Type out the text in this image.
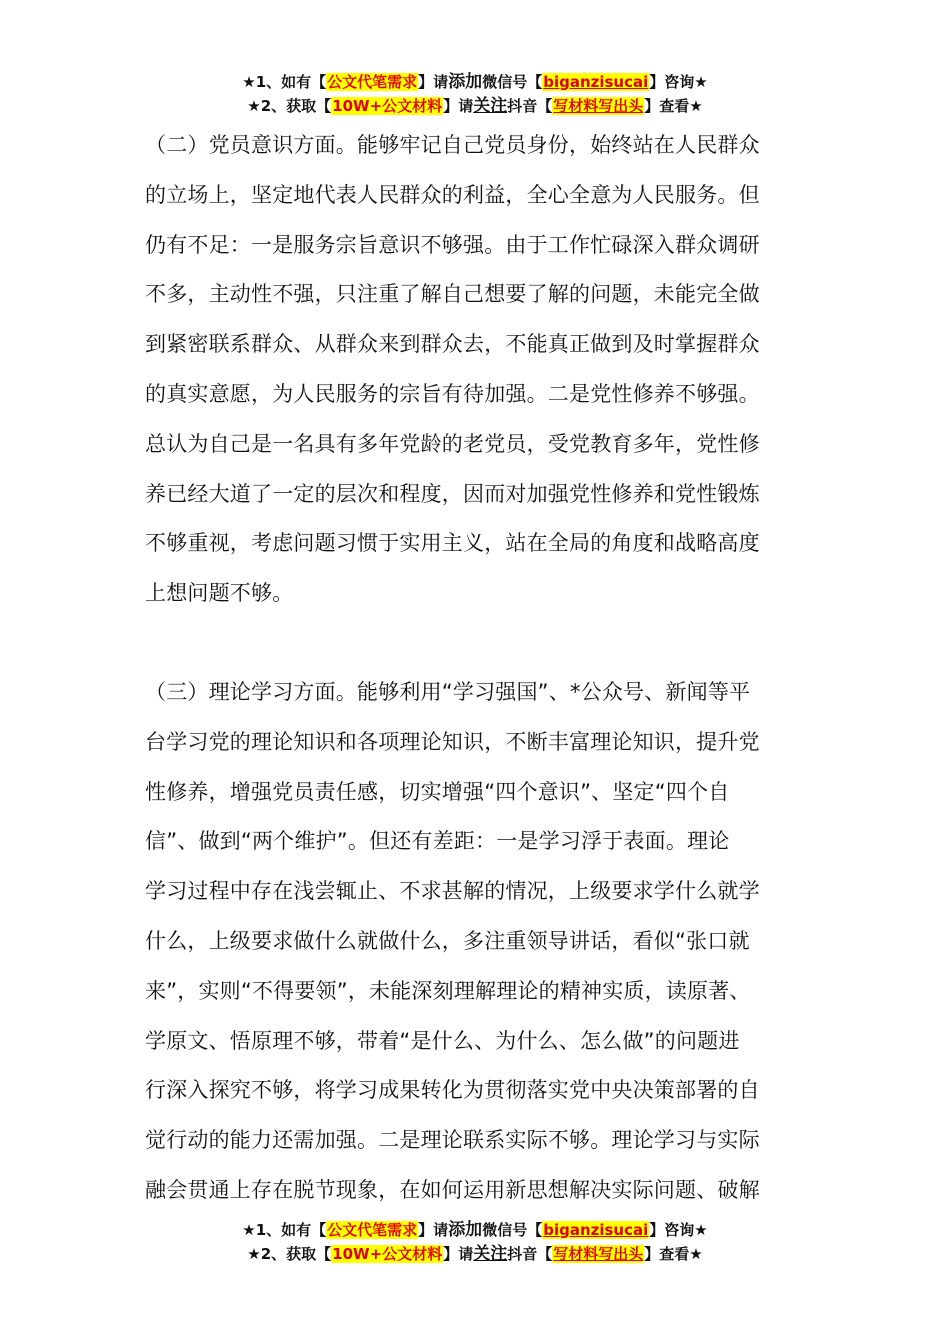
★1、如有【公文代笔需求】请添加微信号【biganzisucai】咨询★
★2、获取【10W+公文材料】请关注抖音【写材料写出头】查看★
（二）党员意识方面。能够牢记自己党员身份，始终站在人民群众
的立场上，坚定地代表人民群众的利益，全心全意为人民服务。但
仍有不足：一是服务宗旨意识不够强。由于工作忙碌深入群众调研
不多，主动性不强，只注重了解自己想要了解的问题，未能完全做
到紧密联系群众、从群众来到群众去，不能真正做到及时掌握群众
的真实意愿，为人民服务的宗旨有待加强。二是党性修养不够强。
总认为自己是一名具有多年党龄的老党员，受党教育多年，党性修
养已经大道了一定的层次和程度，因而对加强党性修养和党性锻炼
不够重视，考虑问题习惯于实用主义，站在全局的角度和战略高度
上想问题不够。
（三）理论学习方面。能够利用“学习强国”、*公众号、新闻等平
台学习党的理论知识和各项理论知识，不断丰富理论知识，提升党
性修养，增强党员责任感，切实增强“四个意识”、坚定“四个自
信”、做到“两个维护”。但还有差距：一是学习浮于表面。理论
学习过程中存在浅尝辄止、不求甚解的情况，上级要求学什么就学
什么，上级要求做什么就做什么，多注重领导讲话，看似“张口就
来”，实则“不得要领”，未能深刻理解理论的精神实质，读原著、
学原文、悟原理不够，带着“是什么、为什么、怎么做”的问题进
行深入探究不够，将学习成果转化为贯彻落实党中央决策部署的自
觉行动的能力还需加强。二是理论联系实际不够。理论学习与实际
融会贯通上存在脱节现象，在如何运用新思想解决实际问题、破解
★1、如有【公文代笔需求】请添加微信号【biganzisucai】咨询★
★2、获取【10W+公文材料】请关注抖音【写材料写出头】查看★
